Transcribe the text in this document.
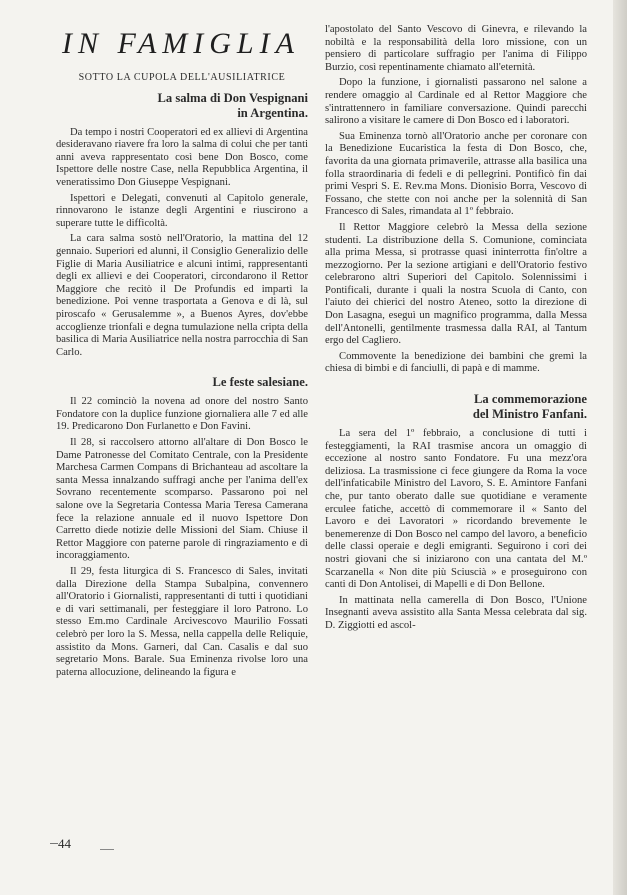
IN FAMIGLIA
SOTTO LA CUPOLA DELL'AUSILIATRICE
La salma di Don Vespignani
in Argentina.

Da tempo i nostri Cooperatori ed ex allievi di Argentina desideravano riavere fra loro la salma di colui che per tanti anni aveva rappresentato così bene Don Bosco, come Ispettore delle nostre Case, nella Repubblica Argentina, il veneratissimo Don Giuseppe Vespignani.

Ispettori e Delegati, convenuti al Capitolo generale, rinnovarono le istanze degli Argentini e riuscirono a superare tutte le difficoltà.

La cara salma sostò nell'Oratorio, la mattina del 12 gennaio. Superiori ed alunni, il Consiglio Generalizio delle Figlie di Maria Ausiliatrice e alcuni intimi, rappresentanti degli ex allievi e dei Cooperatori, circondarono il Rettor Maggiore che recitò il De Profundis ed impartì la benedizione. Poi venne trasportata a Genova e di là, sul piroscafo « Gerusalemme », a Buenos Ayres, dov'ebbe accoglienze trionfali e degna tumulazione nella cripta della basilica di Maria Ausiliatrice nella nostra parrocchia di San Carlo.

Le feste salesiane.

Il 22 cominciò la novena ad onore del nostro Santo Fondatore con la duplice funzione giornaliera alle 7 ed alle 19. Predicarono Don Furlanetto e Don Favini.

Il 28, si raccolsero attorno all'altare di Don Bosco le Dame Patronesse del Comitato Centrale, con la Presidente Marchesa Carmen Compans di Brichanteau ad ascoltare la santa Messa innalzando suffragi anche per l'anima dell'ex Sovrano recentemente scomparso. Passarono poi nel salone ove la Segretaria Contessa Maria Teresa Camerana fece la relazione annuale ed il nuovo Ispettore Don Carretto diede notizie delle Missioni del Siam. Chiuse il Rettor Maggiore con paterne parole di ringraziamento e di incoraggiamento.

Il 29, festa liturgica di S. Francesco di Sales, invitati dalla Direzione della Stampa Subalpina, convennero all'Oratorio i Giornalisti, rappresentanti di tutti i quotidiani e di vari settimanali, per festeggiare il loro Patrono. Lo stesso Em.mo Cardinale Arcivescovo Maurilio Fossati celebrò per loro la S. Messa, nella cappella delle Reliquie, assistito da Mons. Garneri, dal Can. Casalis e dal suo segretario Mons. Barale. Sua Eminenza rivolse loro una paterna allocuzione, delineando la figura e

l'apostolato del Santo Vescovo di Ginevra, e rilevando la nobiltà e la responsabilità della loro missione, con un pensiero di particolare suffragio per l'anima di Filippo Burzio, così repentinamente chiamato all'eternità.

Dopo la funzione, i giornalisti passarono nel salone a rendere omaggio al Cardinale ed al Rettor Maggiore che s'intrattennero in familiare conversazione. Quindi parecchi salirono a visitare le camere di Don Bosco ed i laboratori.

Sua Eminenza tornò all'Oratorio anche per coronare con la Benedizione Eucaristica la festa di Don Bosco, che, favorita da una giornata primaverile, attrasse alla basilica una folla straordinaria di fedeli e di pellegrini. Pontificò fin dai primi Vespri S. E. Rev.ma Mons. Dionisio Borra, Vescovo di Fossano, che stette con noi anche per la solennità di San Francesco di Sales, rimandata al 1º febbraio.

Il Rettor Maggiore celebrò la Messa della sezione studenti. La distribuzione della S. Comunione, cominciata alla prima Messa, si protrasse quasi ininterrotta fin'oltre a mezzogiorno. Per la sezione artigiani e dell'Oratorio festivo celebrarono altri Superiori del Capitolo. Solennissimi i Pontificali, durante i quali la nostra Scuola di Canto, con l'aiuto dei chierici del nostro Ateneo, sotto la direzione di Don Lasagna, eseguì un magnifico programma, dalla Messa dell'Antonelli, gentilmente trasmessa dalla RAI, al Tantum ergo del Cagliero.

Commovente la benedizione dei bambini che gremì la chiesa di bimbi e di fanciulli, di papà e di mamme.

La commemorazione
del Ministro Fanfani.

La sera del 1º febbraio, a conclusione di tutti i festeggiamenti, la RAI trasmise ancora un omaggio di eccezione al nostro santo Fondatore. Fu una mezz'ora deliziosa. La trasmissione ci fece giungere da Roma la voce dell'infaticabile Ministro del Lavoro, S. E. Amintore Fanfani che, pur tanto oberato dalle sue quotidiane e veramente erculee fatiche, accettò di commemorare il « Santo del Lavoro e dei Lavoratori » ricordando brevemente le benemerenze di Don Bosco nel campo del lavoro, a beneficio delle classi operaie e degli emigranti. Seguirono i cori dei nostri giovani che si iniziarono con una cantata del M.º Scarzanella « Non dite più Sciuscià » e proseguirono con canti di Don Antolisei, di Mapelli e di Don Bellone.

In mattinata nella camerella di Don Bosco, l'Unione Insegnanti aveva assistito alla Santa Messa celebrata dal sig. D. Ziggiotti ed ascol-

44
